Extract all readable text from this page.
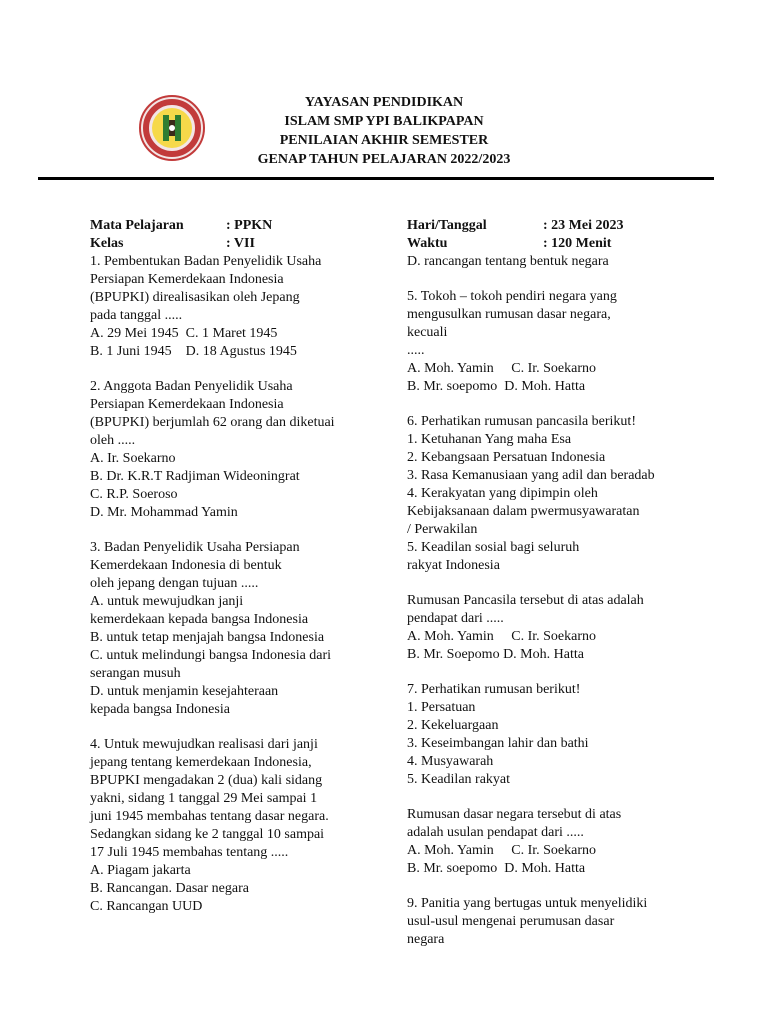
YAYASAN PENDIDIKAN
ISLAM SMP YPI BALIKPAPAN
PENILAIAN AKHIR SEMESTER
GENAP TAHUN PELAJARAN 2022/2023
Mata Pelajaran	: PPKN
Kelas	: VII
1. Pembentukan Badan Penyelidik Usaha
Persiapan Kemerdekaan Indonesia
(BPUPKI) direalisasikan oleh Jepang
pada tanggal .....
A. 29 Mei 1945  C. 1 Maret 1945
B. 1 Juni 1945    D. 18 Agustus 1945
2. Anggota Badan Penyelidik Usaha
Persiapan Kemerdekaan Indonesia
(BPUPKI) berjumlah 62 orang dan diketuai
oleh .....
A. Ir. Soekarno
B. Dr. K.R.T Radjiman Wideoningrat
C. R.P. Soeroso
D. Mr. Mohammad Yamin
3. Badan Penyelidik Usaha Persiapan
Kemerdekaan Indonesia di bentuk
oleh jepang dengan tujuan .....
A. untuk mewujudkan janji
kemerdekaan kepada bangsa Indonesia
B. untuk tetap menjajah bangsa Indonesia
C. untuk melindungi bangsa Indonesia dari
serangan musuh
D. untuk menjamin kesejahteraan
kepada bangsa Indonesia
4. Untuk mewujudkan realisasi dari janji
jepang tentang kemerdekaan Indonesia,
BPUPKI mengadakan 2 (dua) kali sidang
yakni, sidang 1 tanggal 29 Mei sampai 1
juni 1945 membahas tentang dasar negara.
Sedangkan sidang ke 2 tanggal 10 sampai
17 Juli 1945 membahas tentang .....
A. Piagam jakarta
B. Rancangan. Dasar negara
C. Rancangan UUD
Hari/Tanggal	: 23 Mei 2023
Waktu	: 120 Menit
D. rancangan tentang bentuk negara
5. Tokoh – tokoh pendiri negara yang
mengusulkan rumusan dasar negara,
kecuali
.....
A. Moh. Yamin     C. Ir. Soekarno
B. Mr. soepomo  D. Moh. Hatta
6. Perhatikan rumusan pancasila berikut!
1. Ketuhanan Yang maha Esa
2. Kebangsaan Persatuan Indonesia
3. Rasa Kemanusiaan yang adil dan beradab
4. Kerakyatan yang dipimpin oleh
Kebijaksanaan dalam pwermusyawaratan
/ Perwakilan
5. Keadilan sosial bagi seluruh
rakyat Indonesia
Rumusan Pancasila tersebut di atas adalah
pendapat dari .....
A. Moh. Yamin     C. Ir. Soekarno
B. Mr. Soepomo D. Moh. Hatta
7. Perhatikan rumusan berikut!
1. Persatuan
2. Kekeluargaan
3. Keseimbangan lahir dan bathi
4. Musyawarah
5. Keadilan rakyat
Rumusan dasar negara tersebut di atas
adalah usulan pendapat dari .....
A. Moh. Yamin     C. Ir. Soekarno
B. Mr. soepomo  D. Moh. Hatta
9. Panitia yang bertugas untuk menyelidiki
usul-usul mengenai perumusan dasar
negara
